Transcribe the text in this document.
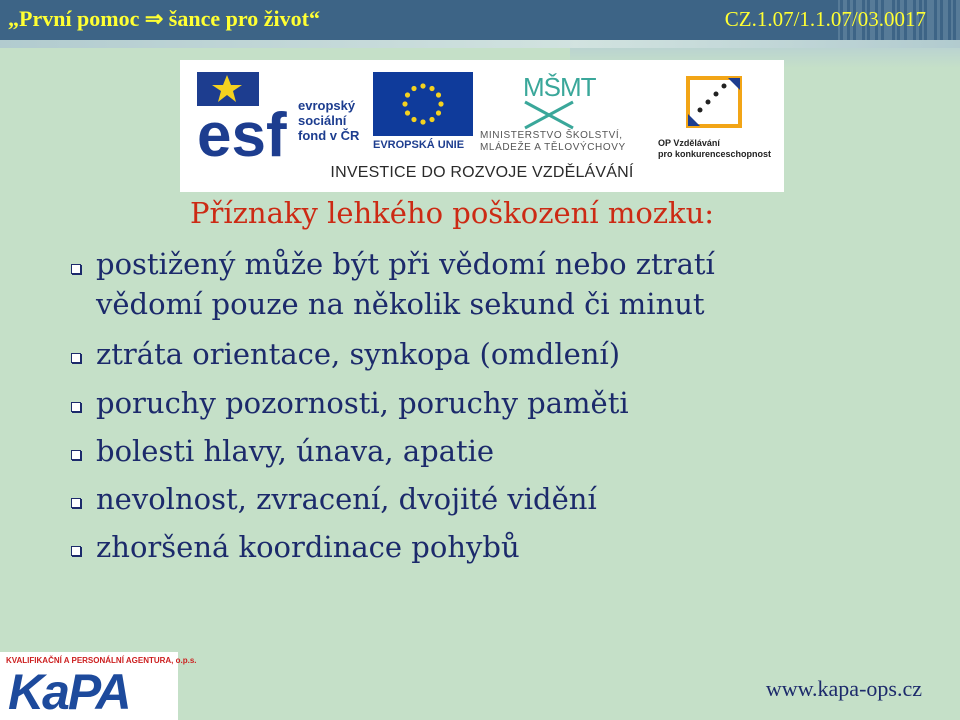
„První pomoc ⇒ šance pro život“	CZ.1.07/1.1.07/03.0017
esf evropský
sociální
fond v ČR
EVROPSKÁ UNIE
MŠMT
MINISTERSTVO ŠKOLSTVÍ,
MLÁDEŽE A TĚLOVÝCHOVY	OP Vzdělávání
pro konkurenceschopnost
INVESTICE DO ROZVOJE VZDĚLÁVÁNÍ
Příznaky lehkého poškození mozku:
postižený může být při vědomí nebo ztratí
vědomí pouze na několik sekund či minut
ztráta orientace, synkopa (omdlení)
poruchy pozornosti, poruchy paměti
bolesti hlavy, únava, apatie
nevolnost, zvracení, dvojité vidění
zhoršená koordinace pohybů
KVALIFIKAČNÍ A PERSONÁLNÍ AGENTURA, o.p.s.
KaPA	www.kapa-ops.cz
